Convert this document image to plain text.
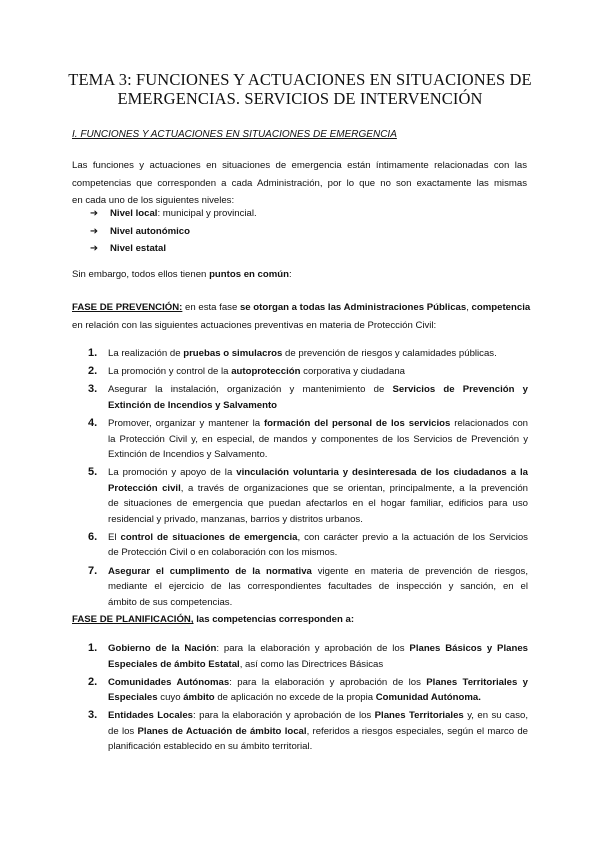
TEMA 3: FUNCIONES Y ACTUACIONES EN SITUACIONES DE
EMERGENCIAS. SERVICIOS DE INTERVENCIÓN
I. FUNCIONES Y ACTUACIONES EN SITUACIONES DE EMERGENCIA
Las funciones y actuaciones en situaciones de emergencia están íntimamente relacionadas con las
competencias que corresponden a cada Administración, por lo que no son exactamente las mismas
en cada uno de los siguientes niveles:
➔ Nivel local: municipal y provincial.
➔ Nivel autonómico
➔ Nivel estatal
Sin embargo, todos ellos tienen puntos en común:
FASE DE PREVENCIÓN: en esta fase se otorgan a todas las Administraciones Públicas, competencia
en relación con las siguientes actuaciones preventivas en materia de Protección Civil:
1. La realización de pruebas o simulacros de prevención de riesgos y calamidades públicas.
2. La promoción y control de la autoprotección corporativa y ciudadana
3. Asegurar la instalación, organización y mantenimiento de Servicios de Prevención y
Extinción de Incendios y Salvamento
4. Promover, organizar y mantener la formación del personal de los servicios relacionados con
la Protección Civil y, en especial, de mandos y componentes de los Servicios de Prevención y
Extinción de Incendios y Salvamento.
5. La promoción y apoyo de la vinculación voluntaria y desinteresada de los ciudadanos a la
Protección civil, a través de organizaciones que se orientan, principalmente, a la prevención
de situaciones de emergencia que puedan afectarlos en el hogar familiar, edificios para uso
residencial y privado, manzanas, barrios y distritos urbanos.
6. El control de situaciones de emergencia, con carácter previo a la actuación de los Servicios
de Protección Civil o en colaboración con los mismos.
7. Asegurar el cumplimento de la normativa vigente en materia de prevención de riesgos,
mediante el ejercicio de las correspondientes facultades de inspección y sanción, en el
ámbito de sus competencias.
FASE DE PLANIFICACIÓN, las competencias corresponden a:
1. Gobierno de la Nación: para la elaboración y aprobación de los Planes Básicos y Planes
Especiales de ámbito Estatal, así como las Directrices Básicas
2. Comunidades Autónomas: para la elaboración y aprobación de los Planes Territoriales y
Especiales cuyo ámbito de aplicación no excede de la propia Comunidad Autónoma.
3. Entidades Locales: para la elaboración y aprobación de los Planes Territoriales y, en su caso,
de los Planes de Actuación de ámbito local, referidos a riesgos especiales, según el marco de
planificación establecido en su ámbito territorial.
